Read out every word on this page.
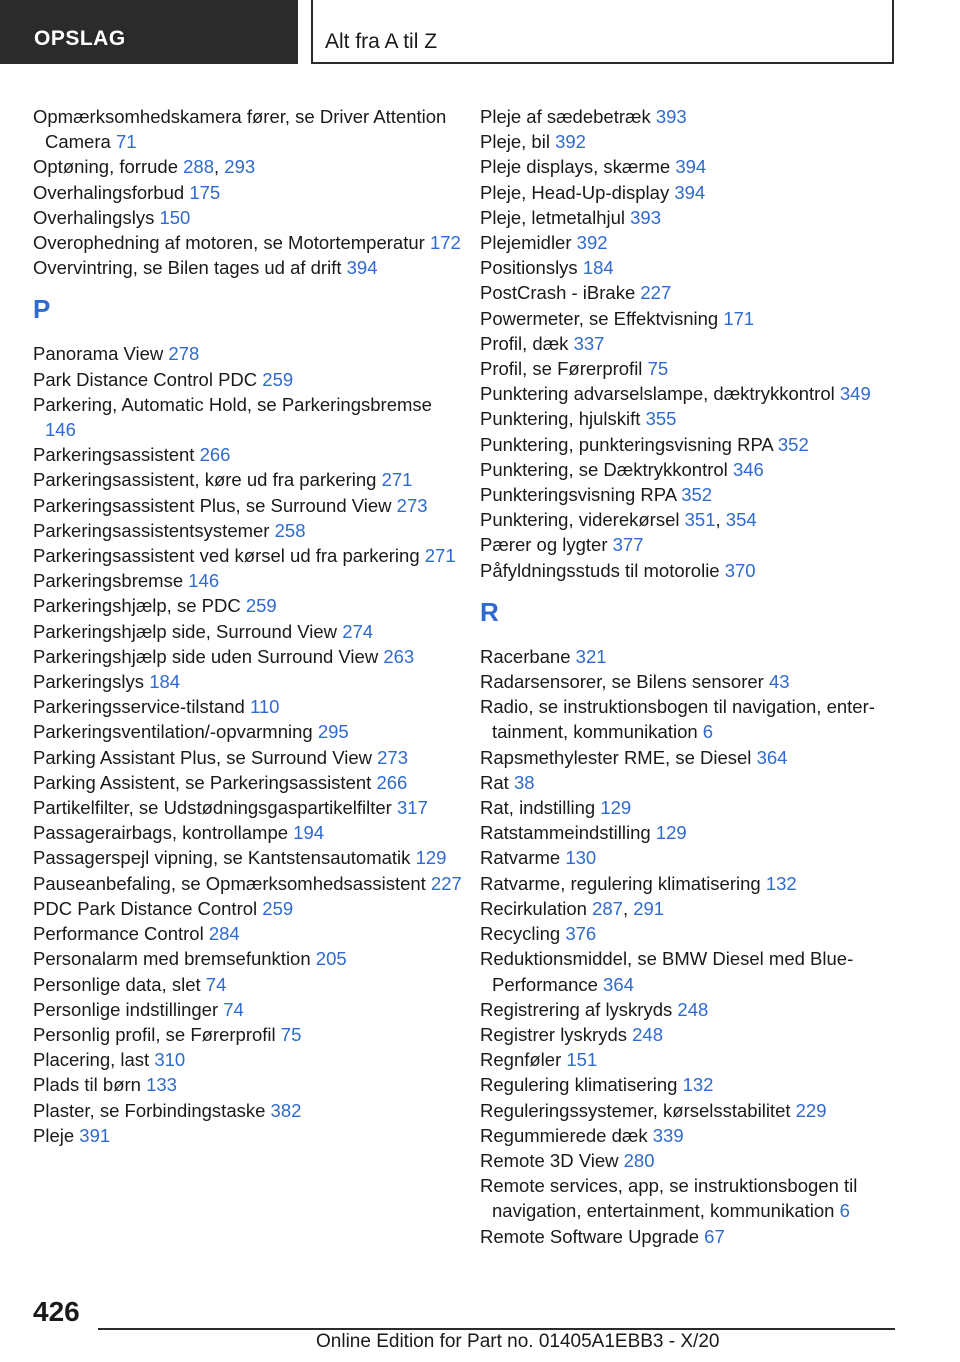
OPSLAG	Alt fra A til Z
Opmærksomhedskamera fører, se Driver Attention Camera 71
Optøning, forrude 288, 293
Overhalingsforbud 175
Overhalingslys 150
Overophedning af motoren, se Motortemperatur 172
Overvintring, se Bilen tages ud af drift 394
P
Panorama View 278
Park Distance Control PDC 259
Parkering, Automatic Hold, se Parkeringsbremse 146
Parkeringsassistent 266
Parkeringsassistent, køre ud fra parkering 271
Parkeringsassistent Plus, se Surround View 273
Parkeringsassistentsystemer 258
Parkeringsassistent ved kørsel ud fra parkering 271
Parkeringsbremse 146
Parkeringshjælp, se PDC 259
Parkeringshjælp side, Surround View 274
Parkeringshjælp side uden Surround View 263
Parkeringslys 184
Parkeringsservice-tilstand 110
Parkeringsventilation/-opvarmning 295
Parking Assistant Plus, se Surround View 273
Parking Assistent, se Parkeringsassistent 266
Partikelfilter, se Udstødningsgaspartikelfilter 317
Passagerairbags, kontrollampe 194
Passagerspejl vipning, se Kantstensautomatik 129
Pauseanbefaling, se Opmærksomhedsassistent 227
PDC Park Distance Control 259
Performance Control 284
Personalarm med bremsefunktion 205
Personlige data, slet 74
Personlige indstillinger 74
Personlig profil, se Førerprofil 75
Placering, last 310
Plads til børn 133
Plaster, se Forbindingstaske 382
Pleje 391
Pleje af sædebetræk 393
Pleje, bil 392
Pleje displays, skærme 394
Pleje, Head-Up-display 394
Pleje, letmetalhjul 393
Plejemidler 392
Positionslys 184
PostCrash - iBrake 227
Powermeter, se Effektvisning 171
Profil, dæk 337
Profil, se Førerprofil 75
Punktering advarselslampe, dæktrykkontrol 349
Punktering, hjulskift 355
Punktering, punkteringsvisning RPA 352
Punktering, se Dæktrykkontrol 346
Punkteringsvisning RPA 352
Punktering, viderekørsel 351, 354
Pærer og lygter 377
Påfyldningsstuds til motorolie 370
R
Racerbane 321
Radarsensorer, se Bilens sensorer 43
Radio, se instruktionsbogen til navigation, entertainment, kommunikation 6
Rapsmethylester RME, se Diesel 364
Rat 38
Rat, indstilling 129
Ratstammeindstilling 129
Ratvarme 130
Ratvarme, regulering klimatisering 132
Recirkulation 287, 291
Recycling 376
Reduktionsmiddel, se BMW Diesel med BluePerformance 364
Registrering af lyskryds 248
Registrer lyskryds 248
Regnføler 151
Regulering klimatisering 132
Reguleringssystemer, kørselsstabilitet 229
Regummierede dæk 339
Remote 3D View 280
Remote services, app, se instruktionsbogen til navigation, entertainment, kommunikation 6
Remote Software Upgrade 67
426
Online Edition for Part no. 01405A1EBB3 - X/20
